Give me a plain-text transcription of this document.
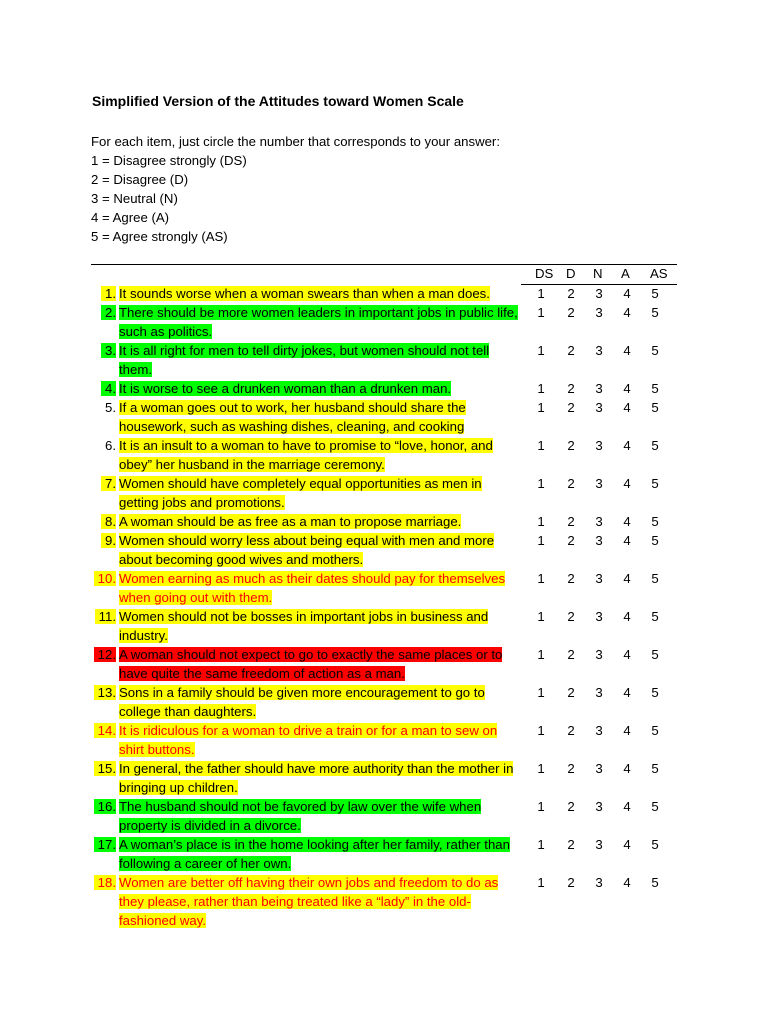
Simplified Version of the Attitudes toward Women Scale
For each item, just circle the number that corresponds to your answer:
1 = Disagree strongly (DS)
2 = Disagree (D)
3 = Neutral (N)
4 = Agree (A)
5 = Agree strongly (AS)
DS D N A AS
1. It sounds worse when a woman swears than when a man does.	1	2	3	4	5
2. There should be more women leaders in important jobs in public life, such as politics.
1	2	3	4	5
3. It is all right for men to tell dirty jokes, but women should not tell them.
1	2	3	4	5
4. It is worse to see a drunken woman than a drunken man.	1	2	3	4	5
5. If a woman goes out to work, her husband should share the housework, such as washing dishes, cleaning, and cooking
1	2	3	4	5
6. It is an insult to a woman to have to promise to “love, honor, and obey” her husband in the marriage ceremony.
1	2	3	4	5
7. Women should have completely equal opportunities as men in getting jobs and promotions.
1	2	3	4	5
8. A woman should be as free as a man to propose marriage.	1	2	3	4	5
9. Women should worry less about being equal with men and more about becoming good wives and mothers.
1	2	3	4	5
10. Women earning as much as their dates should pay for themselves when going out with them.
1	2	3	4	5
11. Women should not be bosses in important jobs in business and industry.
1	2	3	4	5
12. A woman should not expect to go to exactly the same places or to have quite the same freedom of action as a man.
1	2	3	4	5
13. Sons in a family should be given more encouragement to go to college than daughters.
1	2	3	4	5
14. It is ridiculous for a woman to drive a train or for a man to sew on shirt buttons.
1	2	3	4	5
15. In general, the father should have more authority than the mother in bringing up children.
1	2	3	4	5
16. The husband should not be favored by law over the wife when property is divided in a divorce.
1	2	3	4	5
17. A woman’s place is in the home looking after her family, rather than following a career of her own.
1	2	3	4	5
18. Women are better off having their own jobs and freedom to do as they please, rather than being treated like a “lady” in the old-fashioned way.
1	2	3	4	5
